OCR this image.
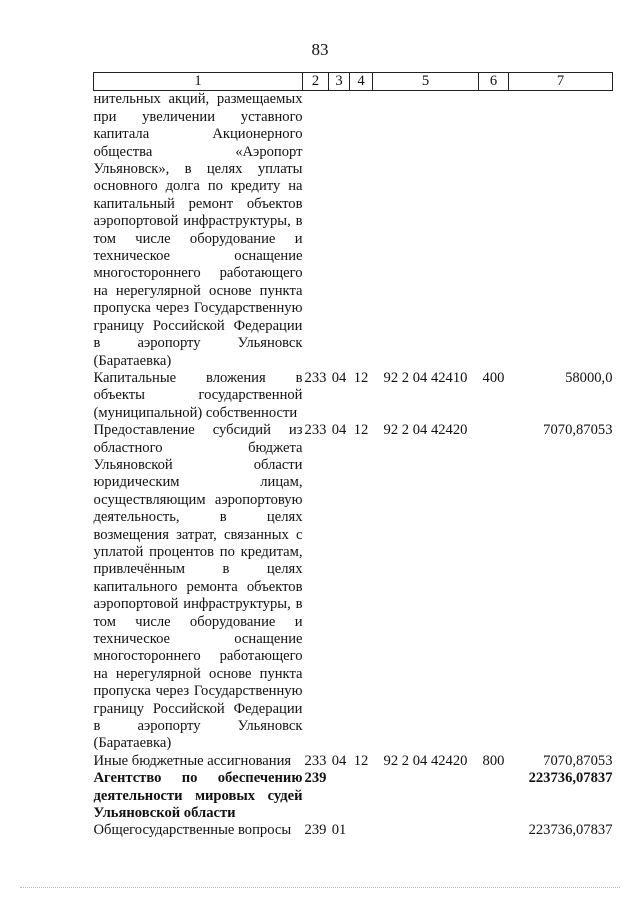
83
1	2	3	4	5	6	7
нительных акций, размещаемых при увеличении уставного капитала Акционерного общества «Аэропорт Ульяновск», в целях уплаты основного долга по кредиту на капитальный ремонт объектов аэропортовой инфраструктуры, в том числе оборудование и техническое оснащение многостороннего работающего на нерегулярной основе пункта пропуска через Государственную границу Российской Федерации в аэропорту Ульяновск (Баратаевка)						
Капитальные вложения в объекты государственной (муниципальной) собственности	233	04	12	92 2 04 42410	400	58000,0
Предоставление субсидий из областного бюджета Ульяновской области юридическим лицам, осуществляющим аэропортовую деятельность, в целях возмещения затрат, связанных с уплатой процентов по кредитам, привлечённым в целях капитального ремонта объектов аэропортовой инфраструктуры, в том числе оборудование и техническое оснащение многостороннего работающего на нерегулярной основе пункта пропуска через Государственную границу Российской Федерации в аэропорту Ульяновск (Баратаевка)	233	04	12	92 2 04 42420		7070,87053
Иные бюджетные ассигнования	233	04	12	92 2 04 42420	800	7070,87053
Агентство по обеспечению деятельности мировых судей Ульяновской области	239					223736,07837
Общегосударственные вопросы	239	01				223736,07837
